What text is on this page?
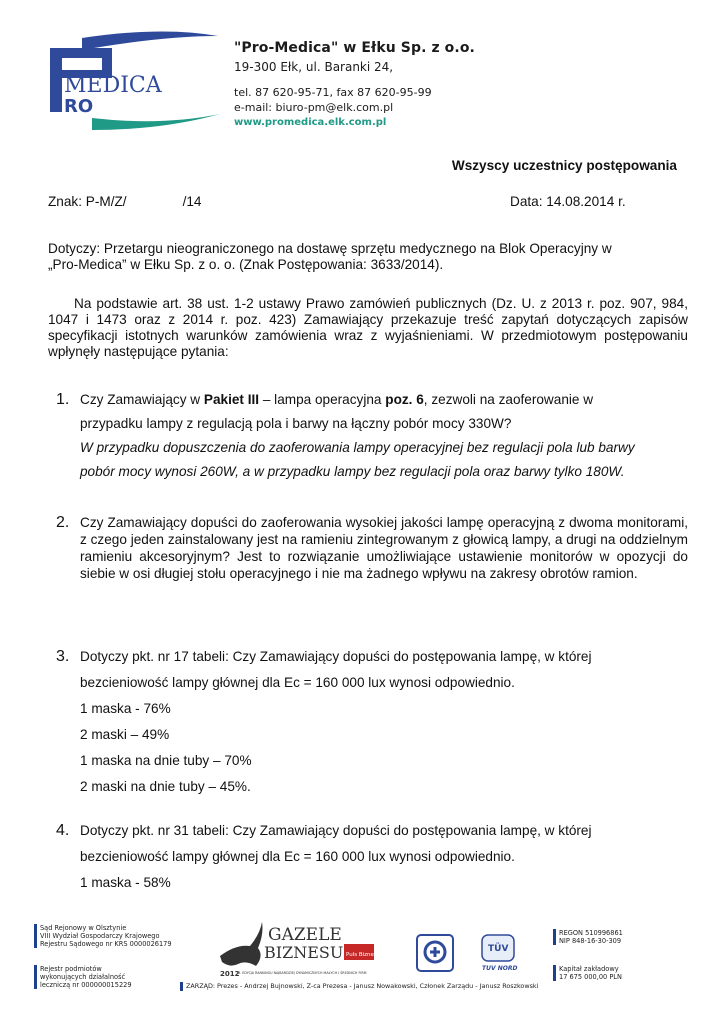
MEDICA
RO
"Pro-Medica" w Ełku Sp. z o.o.
19-300 Ełk, ul. Baranki 24,
tel. 87 620-95-71, fax 87 620-95-99
e-mail: biuro-pm@elk.com.pl
www.promedica.elk.com.pl
Wszyscy uczestnicy postępowania
Znak: P-M/Z/	/14	Data: 14.08.2014 r.
Dotyczy: Przetargu nieograniczonego na dostawę sprzętu medycznego na Blok Operacyjny w
„Pro-Medica” w Ełku Sp. z o. o. (Znak Postępowania: 3633/2014).
Na podstawie art. 38 ust. 1-2 ustawy Prawo zamówień publicznych (Dz. U. z 2013 r. poz. 907, 984, 1047 i 1473 oraz z 2014 r. poz. 423) Zamawiający przekazuje treść zapytań dotyczących zapisów specyfikacji istotnych warunków zamówienia wraz z wyjaśnieniami. W przedmiotowym postępowaniu wpłynęły następujące pytania:
1. Czy Zamawiający w Pakiet III – lampa operacyjna poz. 6, zezwoli na zaoferowanie w

przypadku lampy z regulacją pola i barwy na łączny pobór mocy 330W?

W przypadku dopuszczenia do zaoferowania lampy operacyjnej bez regulacji pola lub barwy

pobór mocy wynosi 260W, a w przypadku lampy bez regulacji pola oraz barwy tylko 180W.

2. Czy Zamawiający dopuści do zaoferowania wysokiej jakości lampę operacyjną z dwoma monitorami, z czego jeden zainstalowany jest na ramieniu zintegrowanym z głowicą lampy, a drugi na oddzielnym ramieniu akcesoryjnym? Jest to rozwiązanie umożliwiające ustawienie monitorów w opozycji do siebie w osi długiej stołu operacyjnego i nie ma żadnego wpływu na zakresy obrotów ramion.
3. Dotyczy pkt. nr 17 tabeli: Czy Zamawiający dopuści do postępowania lampę, w której

bezcieniowość lampy głównej dla Ec = 160 000 lux wynosi odpowiednio.

1 maska - 76%

2 maski – 49%

1 maska na dnie tuby – 70%

2 maski na dnie tuby – 45%.

4. Dotyczy pkt. nr 31 tabeli: Czy Zamawiający dopuści do postępowania lampę, w której

bezcieniowość lampy głównej dla Ec = 160 000 lux wynosi odpowiednio.

1 maska - 58%

Sąd Rejonowy w Olsztynie
VIII Wydział Gospodarczy Krajowego
Rejestru Sądowego nr KRS 0000026179
Rejestr podmiotów
wykonujących działalność
leczniczą nr 000000015229
2012
GAZELE
BIZNESU Puls Biznesu
13. EDYCJA RANKINGU NAJBARDZIEJ DYNAMICZNYCH MAŁYCH I ŚREDNICH FIRM
TÜV
TUV NORD
REGON 510996861
NIP 848-16-30-309
Kapitał zakładowy
17 675 000,00 PLN
ZARZĄD: Prezes - Andrzej Bujnowski, Z-ca Prezesa - Janusz Nowakowski, Członek Zarządu - Janusz Roszkowski
